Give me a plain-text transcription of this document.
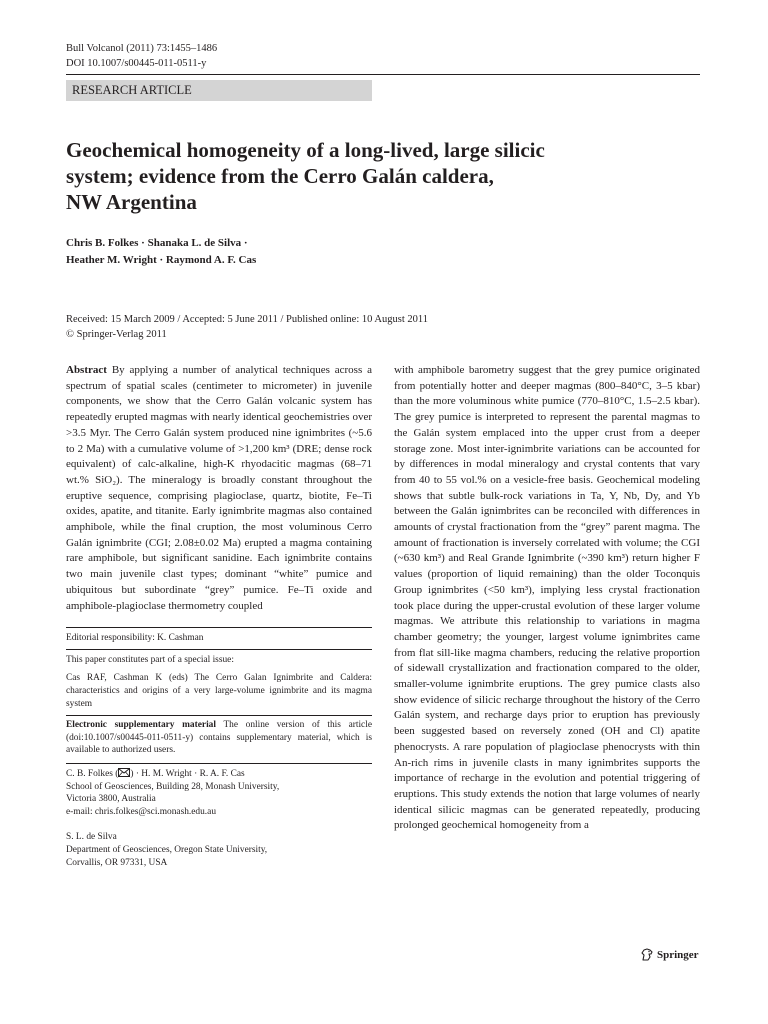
Bull Volcanol (2011) 73:1455–1486
DOI 10.1007/s00445-011-0511-y
RESEARCH ARTICLE
Geochemical homogeneity of a long-lived, large silicic
system; evidence from the Cerro Galán caldera,
NW Argentina
Chris B. Folkes · Shanaka L. de Silva ·
Heather M. Wright · Raymond A. F. Cas
Received: 15 March 2009 / Accepted: 5 June 2011 / Published online: 10 August 2011
© Springer-Verlag 2011

Abstract By applying a number of analytical techniques across a spectrum of spatial scales (centimeter to micrometer) in juvenile components, we show that the Cerro Galán volcanic system has repeatedly erupted magmas with nearly identical geochemistries over >3.5 Myr. The Cerro Galán system produced nine ignimbrites (~5.6 to 2 Ma) with a cumulative volume of >1,200 km³ (DRE; dense rock equivalent) of calc-alkaline, high-K rhyodacitic magmas (68–71 wt.% SiO₂). The mineralogy is broadly constant throughout the eruptive sequence, comprising plagioclase, quartz, biotite, Fe–Ti oxides, apatite, and titanite. Early ignimbrite magmas also contained amphibole, while the final cruption, the most voluminous Cerro Galán ignimbrite (CGI; 2.08±0.02 Ma) erupted a magma containing rare amphibole, but significant sanidine. Each ignimbrite contains two main juvenile clast types; dominant “white” pumice and ubiquitous but subordinate “grey” pumice. Fe–Ti oxide and amphibole-plagioclase thermometry coupled

Editorial responsibility: K. Cashman

This paper constitutes part of a special issue:

Cas RAF, Cashman K (eds) The Cerro Galan Ignimbrite and Caldera: characteristics and origins of a very large-volume ignimbrite and its magma system

Electronic supplementary material The online version of this article (doi:10.1007/s00445-011-0511-y) contains supplementary material, which is available to authorized users.

C. B. Folkes ( ) · H. M. Wright · R. A. F. Cas

School of Geosciences, Building 28, Monash University,

Victoria 3800, Australia

e-mail: chris.folkes@sci.monash.edu.au

S. L. de Silva

Department of Geosciences, Oregon State University,

Corvallis, OR 97331, USA

with amphibole barometry suggest that the grey pumice originated from potentially hotter and deeper magmas (800–840°C, 3–5 kbar) than the more voluminous white pumice (770–810°C, 1.5–2.5 kbar). The grey pumice is interpreted to represent the parental magmas to the Galán system emplaced into the upper crust from a deeper storage zone. Most inter-ignimbrite variations can be accounted for by differences in modal mineralogy and crystal contents that vary from 40 to 55 vol.% on a vesicle-free basis. Geochemical modeling shows that subtle bulk-rock variations in Ta, Y, Nb, Dy, and Yb between the Galán ignimbrites can be reconciled with differences in amounts of crystal fractionation from the “grey” parent magma. The amount of fractionation is inversely correlated with volume; the CGI (~630 km³) and Real Grande Ignimbrite (~390 km³) return higher F values (proportion of liquid remaining) than the older Toconquis Group ignimbrites (<50 km³), implying less crystal fractionation took place during the upper-crustal evolution of these larger volume magmas. We attribute this relationship to variations in magma chamber geometry; the younger, largest volume ignimbrites came from flat sill-like magma chambers, reducing the relative proportion of sidewall crystallization and fractionation compared to the older, smaller-volume ignimbrite eruptions. The grey pumice clasts also show evidence of silicic recharge throughout the history of the Cerro Galán system, and recharge days prior to eruption has previously been suggested based on reversely zoned (OH and Cl) apatite phenocrysts. A rare population of plagioclase phenocrysts with thin An-rich rims in juvenile clasts in many ignimbrites supports the importance of recharge in the evolution and potential triggering of eruptions. This study extends the notion that large volumes of nearly identical silicic magmas can be generated repeatedly, producing prolonged geochemical homogeneity from a

Springer
